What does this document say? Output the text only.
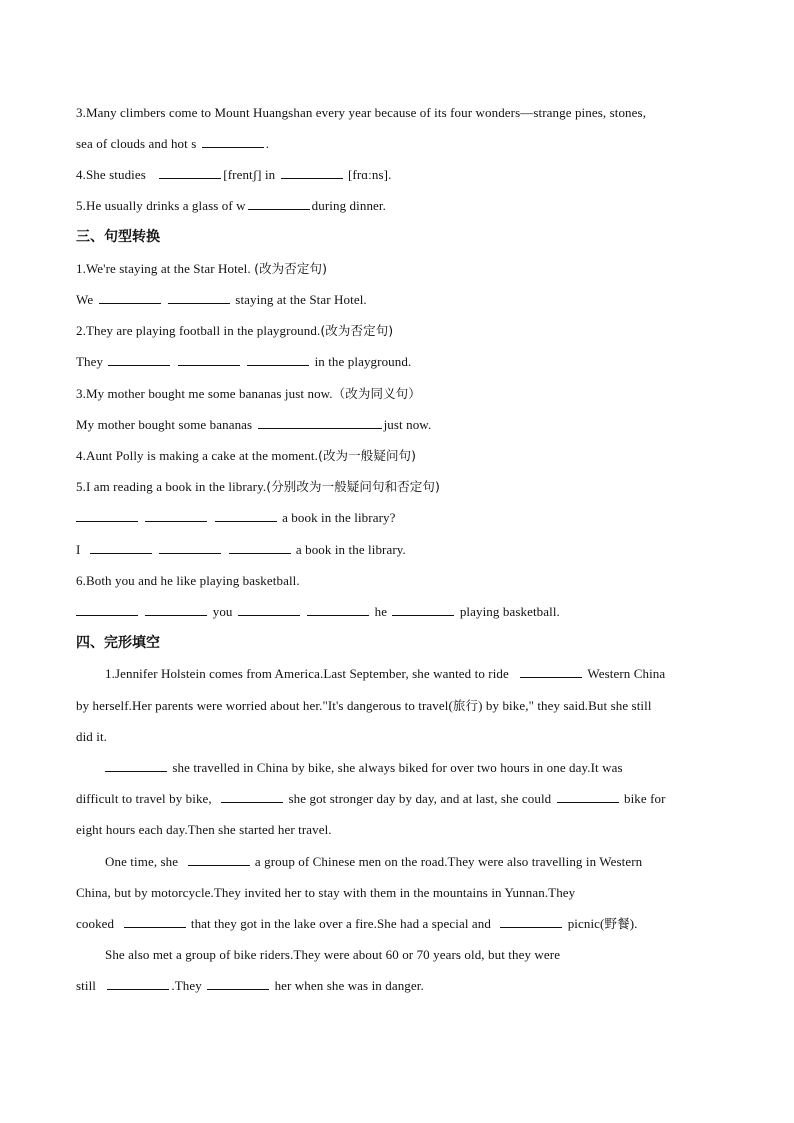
3.Many climbers come to Mount Huangshan every year because of its four wonders—strange pines, stones,
sea of clouds and hot s	.
4.She studies	[frentʃ] in	[frɑːns].
5.He usually drinks a glass of w	during dinner.
三、句型转换
1.We're staying at the Star Hotel. (改为否定句)
We	staying at the Star Hotel.
2.They are playing football in the playground.(改为否定句)
They	in the playground.
3.My mother bought me some bananas just now.（改为同义句）
My mother bought some bananas	just now.
4.Aunt Polly is making a cake at the moment.(改为一般疑问句)
5.I am reading a book in the library.(分别改为一般疑问句和否定句)
a book in the library?
I	a book in the library.
6.Both you and he like playing basketball.
you	he	playing basketball.
四、完形填空
1.Jennifer Holstein comes from America.Last September, she wanted to ride	Western China
by herself.Her parents were worried about her."It's dangerous to travel(旅行) by bike," they said.But she still
did it.
she travelled in China by bike, she always biked for over two hours in one day.It was
difficult to travel by bike,	she got stronger day by day, and at last, she could	bike for
eight hours each day.Then she started her travel.
One time, she	a group of Chinese men on the road.They were also travelling in Western
China, but by motorcycle.They invited her to stay with them in the mountains in Yunnan.They
cooked	that they got in the lake over a fire.She had a special and	picnic(野餐).
She also met a group of bike riders.They were about 60 or 70 years old, but they were
still	.They	her when she was in danger.
